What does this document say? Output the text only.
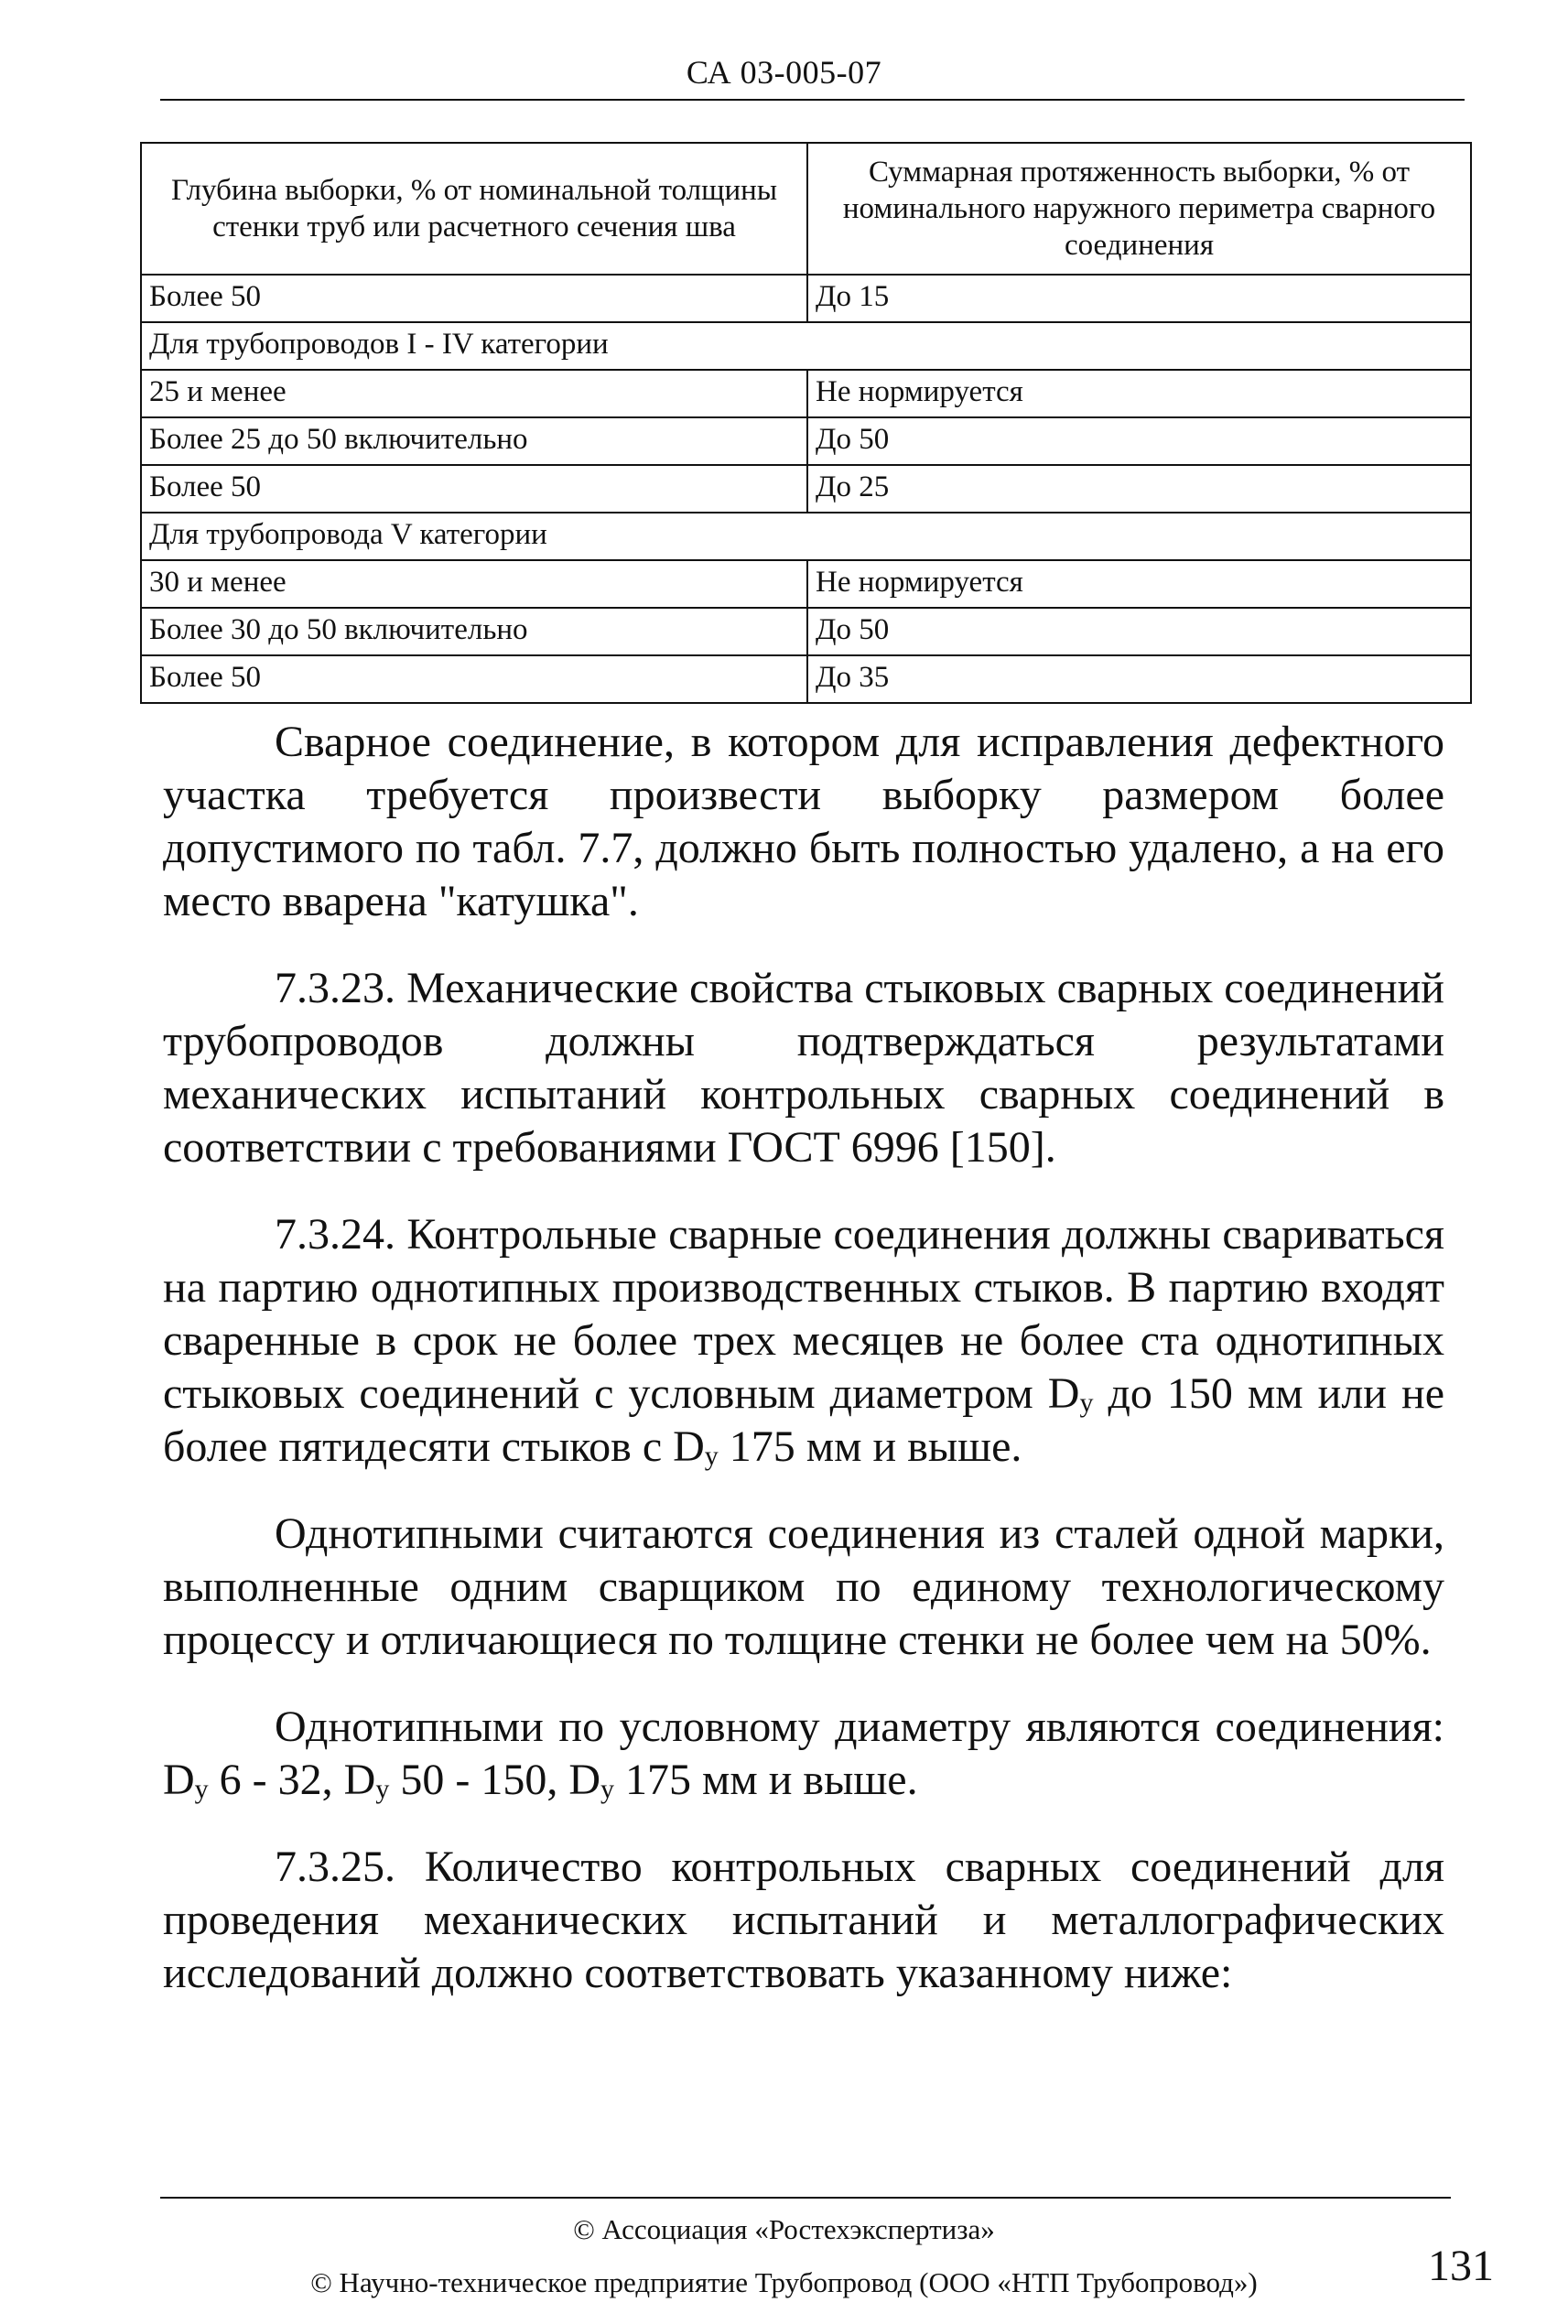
СА 03-005-07
Глубина выборки, % от номинальной толщины стенки труб или расчетного сечения шва	Суммарная протяженность выборки, % от номинального наружного периметра сварного соединения
Более 50	До 15
Для трубопроводов I - IV категории	
25 и менее	Не нормируется
Более 25 до 50 включительно	До 50
Более 50	До 25
Для трубопровода V категории	
30 и менее	Не нормируется
Более 30 до 50 включительно	До 50
Более 50	До 35

Сварное соединение, в котором для исправления дефектного участка требуется произвести выборку размером более допустимого по табл. 7.7, должно быть полностью удалено, а на его место вварена "катушка".

7.3.23. Механические свойства стыковых сварных соединений трубопроводов должны подтверждаться результатами механических испытаний контрольных сварных соединений в соответствии с требованиями ГОСТ 6996 [150].

7.3.24. Контрольные сварные соединения должны свариваться на партию однотипных производственных стыков. В партию входят сваренные в срок не более трех месяцев не более ста однотипных стыковых соединений с условным диаметром $D_у$ до 150 мм или не более пятидесяти стыков с $D_у$ 175 мм и выше.

Однотипными считаются соединения из сталей одной марки, выполненные одним сварщиком по единому технологическому процессу и отличающиеся по толщине стенки не более чем на 50%.

Однотипными по условному диаметру являются соединения: $D_у$ 6 - 32, $D_у$ 50 - 150, $D_у$ 175 мм и выше.

7.3.25. Количество контрольных сварных соединений для проведения механических испытаний и металлографических исследований должно соответствовать указанному ниже:

© Ассоциация «Ростехэкспертиза»
© Научно-техническое предприятие Трубопровод (ООО «НТП Трубопровод»)	131
